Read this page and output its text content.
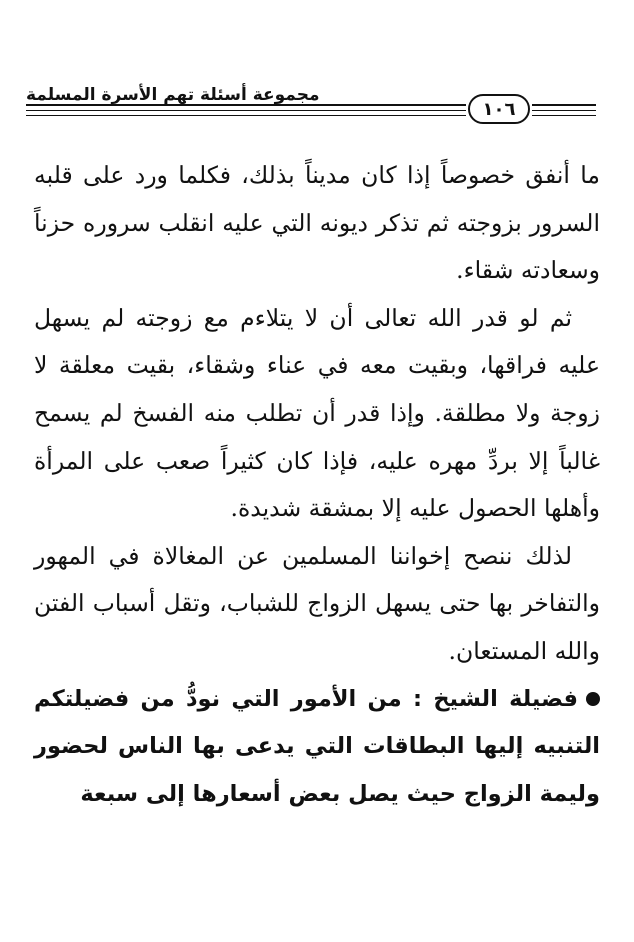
مجموعة أسئلة تهم الأسرة المسلمة
١٠٦

ما أنفق خصوصاً إذا كان مديناً بذلك، فكلما ورد على قلبه السرور بزوجته ثم تذكر ديونه التي عليه انقلب سروره حزناً وسعادته شقاء.

ثم لو قدر الله تعالى أن لا يتلاءم مع زوجته لم يسهل عليه فراقها، وبقيت معه في عناء وشقاء، بقيت معلقة لا زوجة ولا مطلقة. وإذا قدر أن تطلب منه الفسخ لم يسمح غالباً إلا بردِّ مهره عليه، فإذا كان كثيراً صعب على المرأة وأهلها الحصول عليه إلا بمشقة شديدة.

لذلك ننصح إخواننا المسلمين عن المغالاة في المهور والتفاخر بها حتى يسهل الزواج للشباب، وتقل أسباب الفتن والله المستعان.

فضيلة الشيخ : من الأمور التي نودُّ من فضيلتكم التنبيه إليها البطاقات التي يدعى بها الناس لحضور وليمة الزواج حيث يصل بعض أسعارها إلى سبعة
